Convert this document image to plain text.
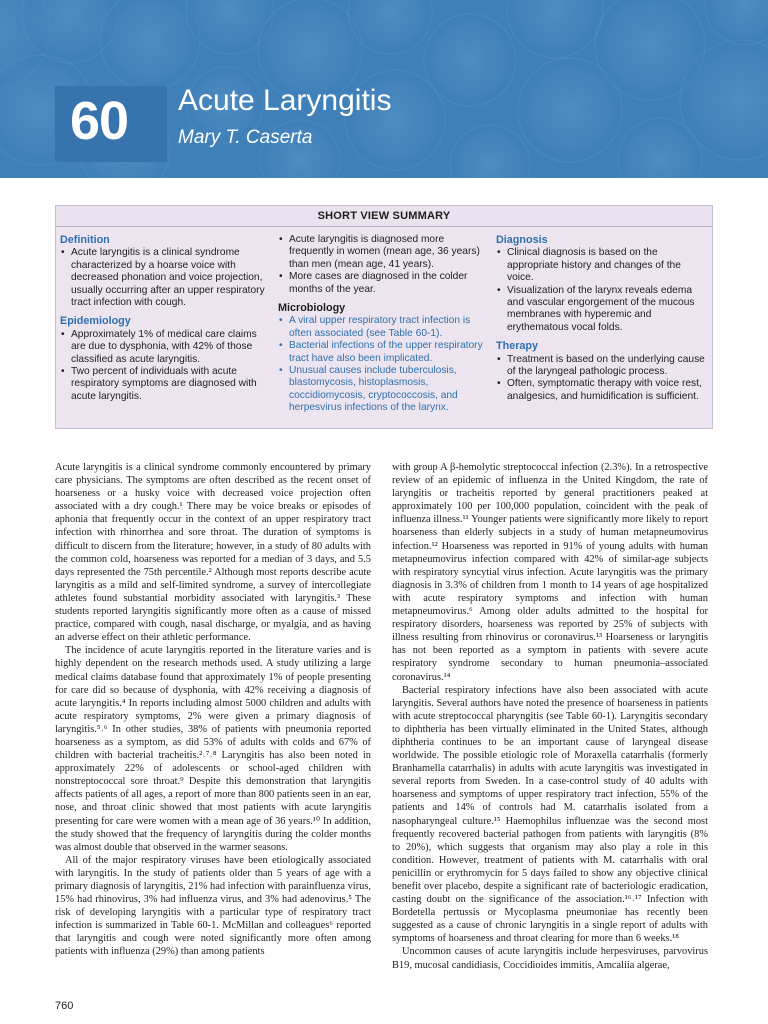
60 Acute Laryngitis
Mary T. Caserta
SHORT VIEW SUMMARY
Definition
• Acute laryngitis is a clinical syndrome characterized by a hoarse voice with decreased phonation and voice projection, usually occurring after an upper respiratory tract infection with cough.
Epidemiology
• Approximately 1% of medical care claims are due to dysphonia, with 42% of those classified as acute laryngitis.
• Two percent of individuals with acute respiratory symptoms are diagnosed with acute laryngitis.
• Acute laryngitis is diagnosed more frequently in women (mean age, 36 years) than men (mean age, 41 years).
• More cases are diagnosed in the colder months of the year.
Microbiology
• A viral upper respiratory tract infection is often associated (see Table 60-1).
• Bacterial infections of the upper respiratory tract have also been implicated.
• Unusual causes include tuberculosis, blastomycosis, histoplasmosis, coccidiomycosis, cryptococcosis, and herpesvirus infections of the larynx.
Diagnosis
• Clinical diagnosis is based on the appropriate history and changes of the voice.
• Visualization of the larynx reveals edema and vascular engorgement of the mucous membranes with hyperemic and erythematous vocal folds.
Therapy
• Treatment is based on the underlying cause of the laryngeal pathologic process.
• Often, symptomatic therapy with voice rest, analgesics, and humidification is sufficient.

Acute laryngitis is a clinical syndrome commonly encountered by primary care physicians. The symptoms are often described as the recent onset of hoarseness or a husky voice with decreased voice projection often associated with a dry cough.¹ There may be voice breaks or episodes of aphonia that frequently occur in the context of an upper respiratory tract infection with rhinorrhea and sore throat. The duration of symptoms is difficult to discern from the literature; however, in a study of 80 adults with the common cold, hoarseness was reported for a median of 3 days, and 5.5 days represented the 75th percentile.² Although most reports describe acute laryngitis as a mild and self-limited syndrome, a survey of intercollegiate athletes found substantial morbidity associated with laryngitis.³ These students reported laryngitis significantly more often as a cause of missed practice, compared with cough, nasal discharge, or myalgia, and as having an adverse effect on their athletic performance.

The incidence of acute laryngitis reported in the literature varies and is highly dependent on the research methods used. A study utilizing a large medical claims database found that approximately 1% of people presenting for care did so because of dysphonia, with 42% receiving a diagnosis of acute laryngitis.⁴ In reports including almost 5000 children and adults with acute respiratory symptoms, 2% were given a primary diagnosis of laryngitis.⁵˒⁶ In other studies, 38% of patients with pneumonia reported hoarseness as a symptom, as did 53% of adults with colds and 67% of children with bacterial tracheitis.²˒⁷˒⁸ Laryngitis has also been noted in approximately 22% of adolescents or school-aged children with nonstreptococcal sore throat.⁹ Despite this demonstration that laryngitis affects patients of all ages, a report of more than 800 patients seen in an ear, nose, and throat clinic showed that most patients with acute laryngitis presenting for care were women with a mean age of 36 years.¹⁰ In addition, the study showed that the frequency of laryngitis during the colder months was almost double that observed in the warmer seasons.

All of the major respiratory viruses have been etiologically associated with laryngitis. In the study of patients older than 5 years of age with a primary diagnosis of laryngitis, 21% had infection with parainfluenza virus, 15% had rhinovirus, 3% had influenza virus, and 3% had adenovirus.⁵ The risk of developing laryngitis with a particular type of respiratory tract infection is summarized in Table 60-1. McMillan and colleagues⁶ reported that laryngitis and cough were noted significantly more often among patients with influenza (29%) than among patients

with group A β-hemolytic streptococcal infection (2.3%). In a retrospective review of an epidemic of influenza in the United Kingdom, the rate of laryngitis or tracheitis reported by general practitioners peaked at approximately 100 per 100,000 population, coincident with the peak of influenza illness.¹¹ Younger patients were significantly more likely to report hoarseness than elderly subjects in a study of human metapneumovirus infection.¹² Hoarseness was reported in 91% of young adults with human metapneumovirus infection compared with 42% of similar-age subjects with respiratory syncytial virus infection. Acute laryngitis was the primary diagnosis in 3.3% of children from 1 month to 14 years of age hospitalized with acute respiratory symptoms and infection with human metapneumovirus.⁶ Among older adults admitted to the hospital for respiratory disorders, hoarseness was reported by 25% of subjects with illness resulting from rhinovirus or coronavirus.¹³ Hoarseness or laryngitis has not been reported as a symptom in patients with severe acute respiratory syndrome secondary to human pneumonia–associated coronavirus.¹⁴

Bacterial respiratory infections have also been associated with acute laryngitis. Several authors have noted the presence of hoarseness in patients with acute streptococcal pharyngitis (see Table 60-1). Laryngitis secondary to diphtheria has been virtually eliminated in the United States, although diphtheria continues to be an important cause of laryngeal disease worldwide. The possible etiologic role of Moraxella catarrhalis (formerly Branhamella catarrhalis) in adults with acute laryngitis was investigated in several reports from Sweden. In a case-control study of 40 adults with hoarseness and symptoms of upper respiratory tract infection, 55% of the patients and 14% of controls had M. catarrhalis isolated from a nasopharyngeal culture.¹⁵ Haemophilus influenzae was the second most frequently recovered bacterial pathogen from patients with laryngitis (8% to 20%), which suggests that organism may also play a role in this condition. However, treatment of patients with M. catarrhalis with oral penicillin or erythromycin for 5 days failed to show any objective clinical benefit over placebo, despite a significant rate of bacteriologic eradication, casting doubt on the significance of the association.¹⁶˒¹⁷ Infection with Bordetella pertussis or Mycoplasma pneumoniae has recently been suggested as a cause of chronic laryngitis in a single report of adults with symptoms of hoarseness and throat clearing for more than 6 weeks.¹⁸

Uncommon causes of acute laryngitis include herpesviruses, parvovirus B19, mucosal candidiasis, Coccidioides immitis, Amcaliia algerae,

760
